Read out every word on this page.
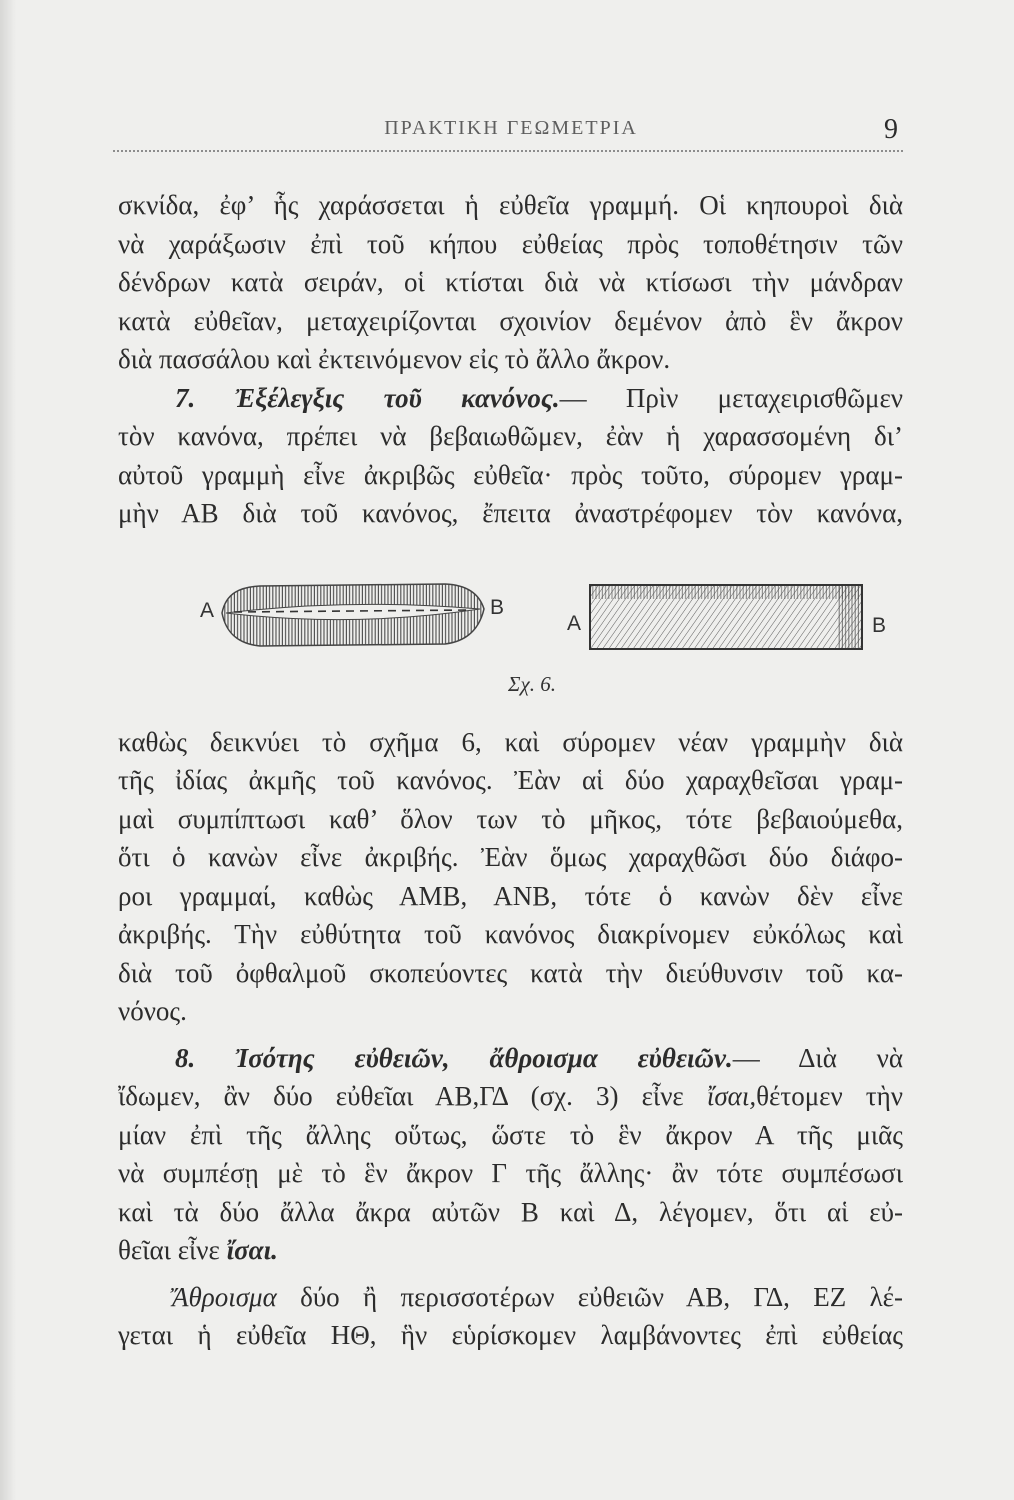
ΠΡΑΚΤΙΚΗ ΓΕΩΜΕΤΡΙΑ	9
σκνίδα, ἐφ’ ἧς χαράσσεται ἡ εὐθεῖα γραμμή. Οἱ κηπουροὶ διὰ
νὰ χαράξωσιν ἐπὶ τοῦ κήπου εὐθείας πρὸς τοποθέτησιν τῶν
δένδρων κατὰ σειράν, οἱ κτίσται διὰ νὰ κτίσωσι τὴν μάνδραν
κατὰ εὐθεῖαν, μεταχειρίζονται σχοινίον δεμένον ἀπὸ ἓν ἄκρον
διὰ πασσάλου καὶ ἐκτεινόμενον εἰς τὸ ἄλλο ἄκρον.
7. Ἐξέλεγξις τοῦ κανόνος.— Πρὶν μεταχειρισθῶμεν
τὸν κανόνα, πρέπει νὰ βεβαιωθῶμεν, ἐὰν ἡ χαρασσομένη δι’
αὐτοῦ γραμμὴ εἶνε ἀκριβῶς εὐθεῖα· πρὸς τοῦτο, σύρομεν γραμ-
μὴν ΑΒ διὰ τοῦ κανόνος, ἔπειτα ἀναστρέφομεν τὸν κανόνα,
A	B
A	B
Σχ. 6.
καθὼς δεικνύει τὸ σχῆμα 6, καὶ σύρομεν νέαν γραμμὴν διὰ
τῆς ἰδίας ἀκμῆς τοῦ κανόνος. Ἐὰν αἱ δύο χαραχθεῖσαι γραμ-
μαὶ συμπίπτωσι καθ’ ὅλον των τὸ μῆκος, τότε βεβαιούμεθα,
ὅτι ὁ κανὼν εἶνε ἀκριβής. Ἐὰν ὅμως χαραχθῶσι δύο διάφο-
ροι γραμμαί, καθὼς ΑΜΒ, ΑΝΒ, τότε ὁ κανὼν δὲν εἶνε
ἀκριβής. Τὴν εὐθύτητα τοῦ κανόνος διακρίνομεν εὐκόλως καὶ
διὰ τοῦ ὀφθαλμοῦ σκοπεύοντες κατὰ τὴν διεύθυνσιν τοῦ κα-
νόνος.
8. Ἰσότης εὐθειῶν, ἄθροισμα εὐθειῶν.— Διὰ νὰ
ἴδωμεν, ἂν δύο εὐθεῖαι ΑΒ,ΓΔ (σχ. 3) εἶνε ἴσαι,θέτομεν τὴν
μίαν ἐπὶ τῆς ἄλλης οὕτως, ὥστε τὸ ἓν ἄκρον Α τῆς μιᾶς
νὰ συμπέσῃ μὲ τὸ ἓν ἄκρον Γ τῆς ἄλλης· ἂν τότε συμπέσωσι
καὶ τὰ δύο ἄλλα ἄκρα αὐτῶν Β καὶ Δ, λέγομεν, ὅτι αἱ εὐ-
θεῖαι εἶνε ἴσαι.
Ἄθροισμα δύο ἢ περισσοτέρων εὐθειῶν ΑΒ, ΓΔ, ΕΖ λέ-
γεται ἡ εὐθεῖα ΗΘ, ἣν εὑρίσκομεν λαμβάνοντες ἐπὶ εὐθείας
